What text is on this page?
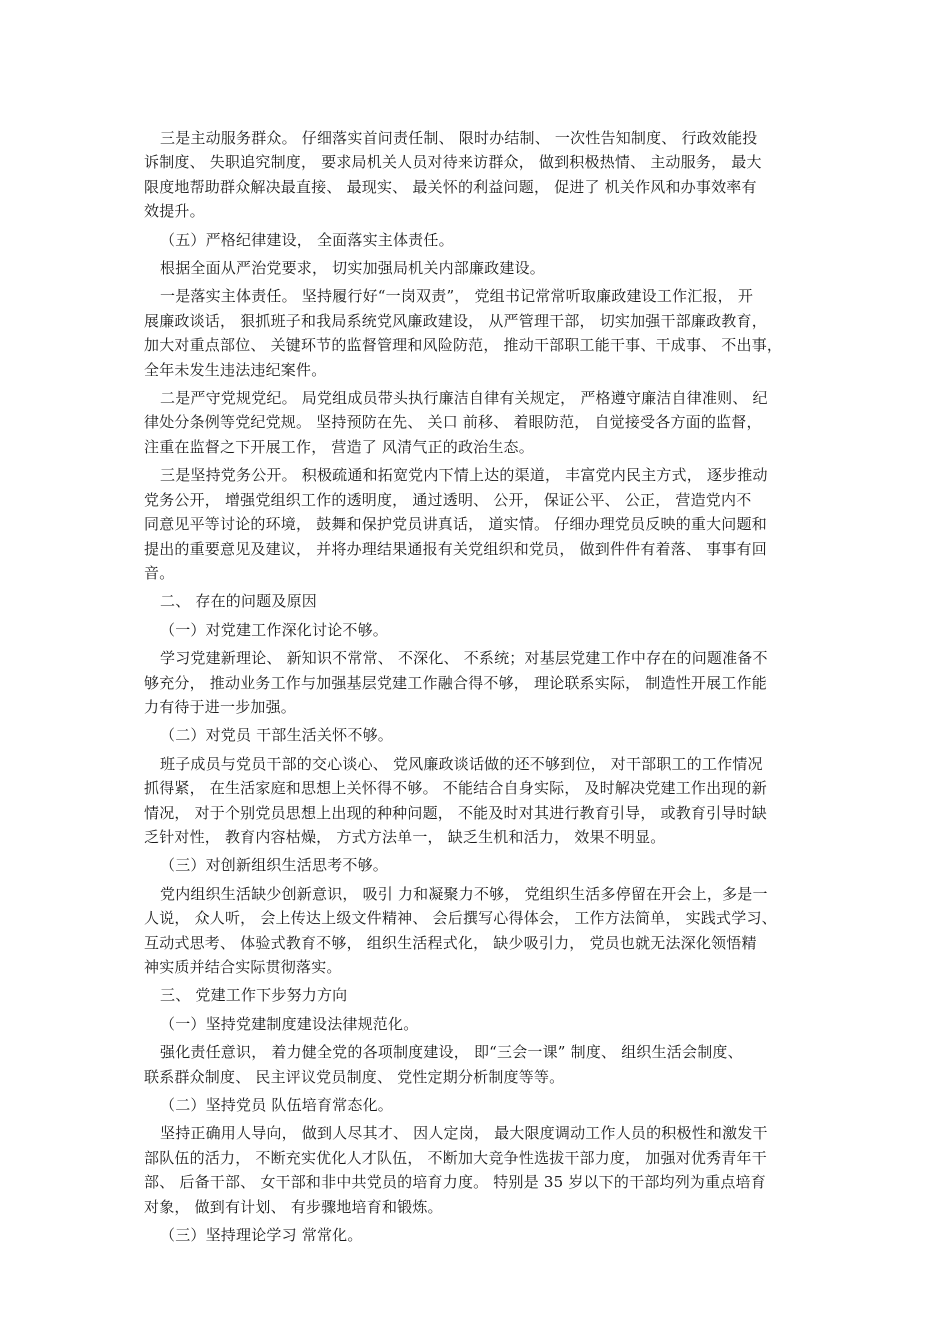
三是主动服务群众。 仔细落实首问责任制、 限时办结制、 一次性告知制度、 行政效能投
诉制度、 失职追究制度， 要求局机关人员对待来访群众， 做到积极热情、 主动服务， 最大
限度地帮助群众解决最直接、 最现实、 最关怀的利益问题， 促进了 机关作风和办事效率有
效提升。
（五）严格纪律建设， 全面落实主体责任。
根据全面从严治党要求， 切实加强局机关内部廉政建设。
一是落实主体责任。 坚持履行好“一岗双责”， 党组书记常常听取廉政建设工作汇报， 开
展廉政谈话， 狠抓班子和我局系统党风廉政建设， 从严管理干部， 切实加强干部廉政教育，
加大对重点部位、 关键环节的监督管理和风险防范， 推动干部职工能干事、干成事、 不出事，
全年未发生违法违纪案件。
二是严守党规党纪。 局党组成员带头执行廉洁自律有关规定， 严格遵守廉洁自律准则、 纪
律处分条例等党纪党规。 坚持预防在先、 关口 前移、 着眼防范， 自觉接受各方面的监督，
注重在监督之下开展工作， 营造了 风清气正的政治生态。
三是坚持党务公开。 积极疏通和拓宽党内下情上达的渠道， 丰富党内民主方式， 逐步推动
党务公开， 增强党组织工作的透明度， 通过透明、 公开， 保证公平、 公正， 营造党内不
同意见平等讨论的环境， 鼓舞和保护党员讲真话， 道实情。 仔细办理党员反映的重大问题和
提出的重要意见及建议， 并将办理结果通报有关党组织和党员， 做到件件有着落、 事事有回
音。
二、 存在的问题及原因
（一）对党建工作深化讨论不够。
学习党建新理论、 新知识不常常、 不深化、 不系统；对基层党建工作中存在的问题准备不
够充分， 推动业务工作与加强基层党建工作融合得不够， 理论联系实际， 制造性开展工作能
力有待于进一步加强。
（二）对党员 干部生活关怀不够。
班子成员与党员干部的交心谈心、 党风廉政谈话做的还不够到位， 对干部职工的工作情况
抓得紧， 在生活家庭和思想上关怀得不够。 不能结合自身实际， 及时解决党建工作出现的新
情况， 对于个别党员思想上出现的种种问题， 不能及时对其进行教育引导， 或教育引导时缺
乏针对性， 教育内容枯燥， 方式方法单一， 缺乏生机和活力， 效果不明显。
（三）对创新组织生活思考不够。
党内组织生活缺少创新意识， 吸引 力和凝聚力不够， 党组织生活多停留在开会上，多是一
人说， 众人听， 会上传达上级文件精神、 会后撰写心得体会， 工作方法简单， 实践式学习、
互动式思考、 体验式教育不够， 组织生活程式化， 缺少吸引力， 党员也就无法深化领悟精
神实质并结合实际贯彻落实。
三、 党建工作下步努力方向
（一）坚持党建制度建设法律规范化。
强化责任意识， 着力健全党的各项制度建设， 即“三会一课” 制度、 组织生活会制度、
联系群众制度、 民主评议党员制度、 党性定期分析制度等等。
（二）坚持党员 队伍培育常态化。
坚持正确用人导向， 做到人尽其才、 因人定岗， 最大限度调动工作人员的积极性和激发干
部队伍的活力， 不断充实优化人才队伍， 不断加大竞争性选拔干部力度， 加强对优秀青年干
部、 后备干部、 女干部和非中共党员的培育力度。 特别是 35 岁以下的干部均列为重点培育
对象， 做到有计划、 有步骤地培育和锻炼。
（三）坚持理论学习 常常化。
